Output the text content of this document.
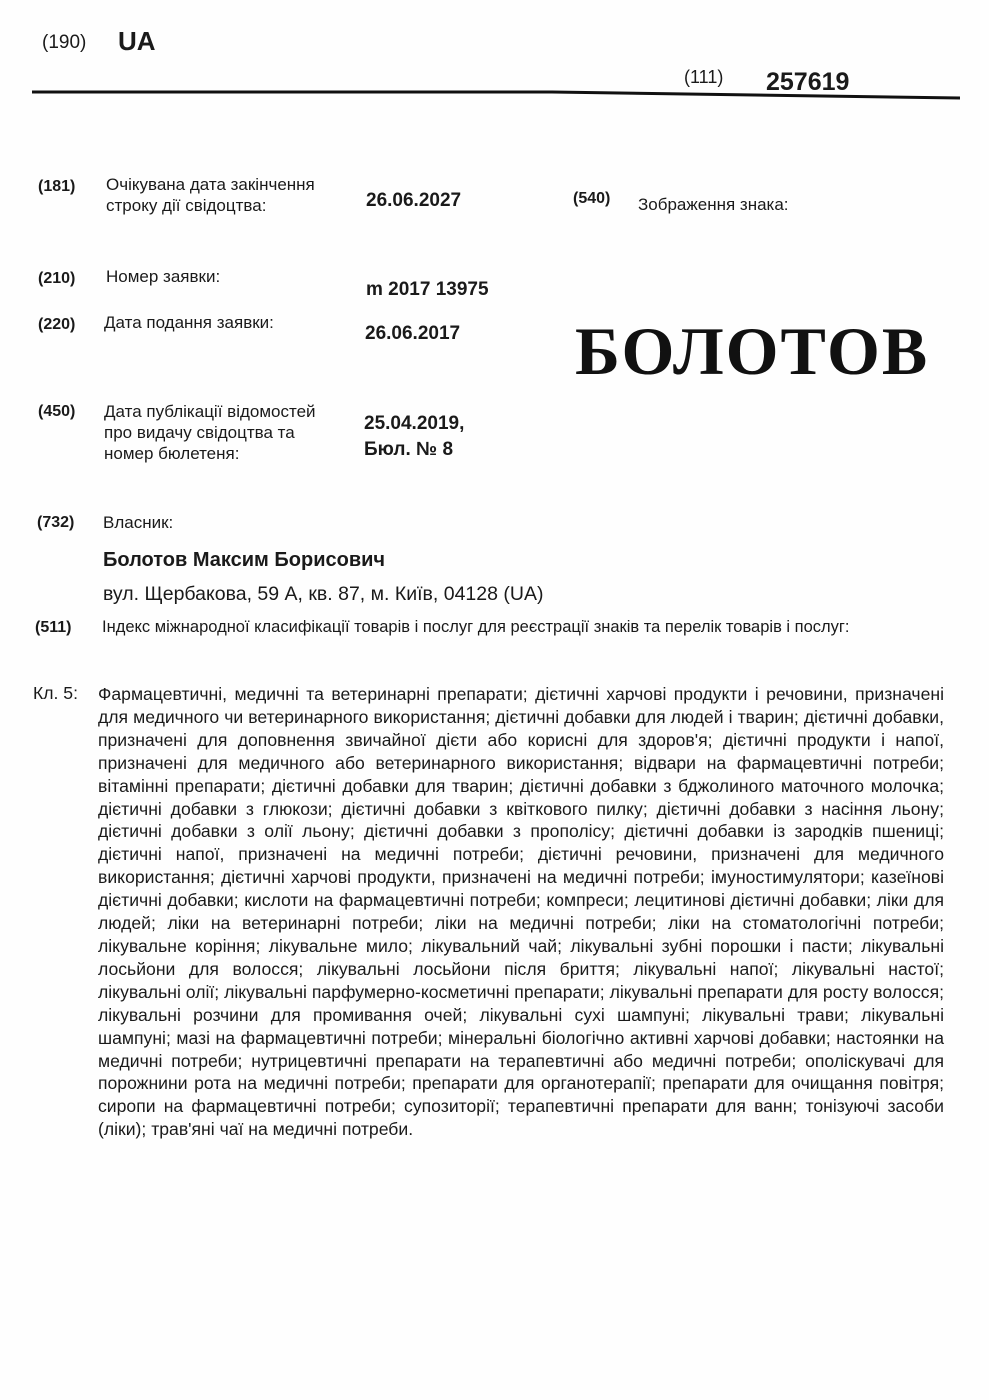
(190) UA
(111) 257619
(181) Очікувана дата закінчення строку дії свідоцтва:	26.06.2027	(540) Зображення знака:
(210) Номер заявки:
m 2017 13975
(220) Дата подання заявки:
26.06.2017 БОЛОТОВ
(450) Дата публікації відомостей про видачу свідоцтва та номер бюлетеня:
25.04.2019,
Бюл. № 8
(732) Власник:
Болотов Максим Борисович
вул. Щербакова, 59 А, кв. 87, м. Київ, 04128 (UA)
(511) Індекс міжнародної класифікації товарів і послуг для реєстрації знаків та перелік товарів і послуг:
Кл. 5: Фармацевтичні, медичні та ветеринарні препарати; дієтичні харчові продукти і речовини, призначені для медичного чи ветеринарного використання; дієтичні добавки для людей і тварин; дієтичні добавки, призначені для доповнення звичайної дієти або корисні для здоров'я; дієтичні продукти і напої, призначені для медичного або ветеринарного використання; відвари на фармацевтичні потреби; вітамінні препарати; дієтичні добавки для тварин; дієтичні добавки з бджолиного маточного молочка; дієтичні добавки з глюкози; дієтичні добавки з квіткового пилку; дієтичні добавки з насіння льону; дієтичні добавки з олії льону; дієтичні добавки з прополісу; дієтичні добавки із зародків пшениці; дієтичні напої, призначені на медичні потреби; дієтичні речовини, призначені для медичного використання; дієтичні харчові продукти, призначені на медичні потреби; імуностимулятори; казеїнові дієтичні добавки; кислоти на фармацевтичні потреби; компреси; лецитинові дієтичні добавки; ліки для людей; ліки на ветеринарні потреби; ліки на медичні потреби; ліки на стоматологічні потреби; лікувальне коріння; лікувальне мило; лікувальний чай; лікувальні зубні порошки і пасти; лікувальні лосьйони для волосся; лікувальні лосьйони після бриття; лікувальні напої; лікувальні настої; лікувальні олії; лікувальні парфумерно-косметичні препарати; лікувальні препарати для росту волосся; лікувальні розчини для промивання очей; лікувальні сухі шампуні; лікувальні трави; лікувальні шампуні; мазі на фармацевтичні потреби; мінеральні біологічно активні харчові добавки; настоянки на медичні потреби; нутрицевтичні препарати на терапевтичні або медичні потреби; ополіскувачі для порожнини рота на медичні потреби; препарати для органотерапії; препарати для очищання повітря; сиропи на фармацевтичні потреби; супозиторії; терапевтичні препарати для ванн; тонізуючі засоби (ліки); трав'яні чаї на медичні потреби.
